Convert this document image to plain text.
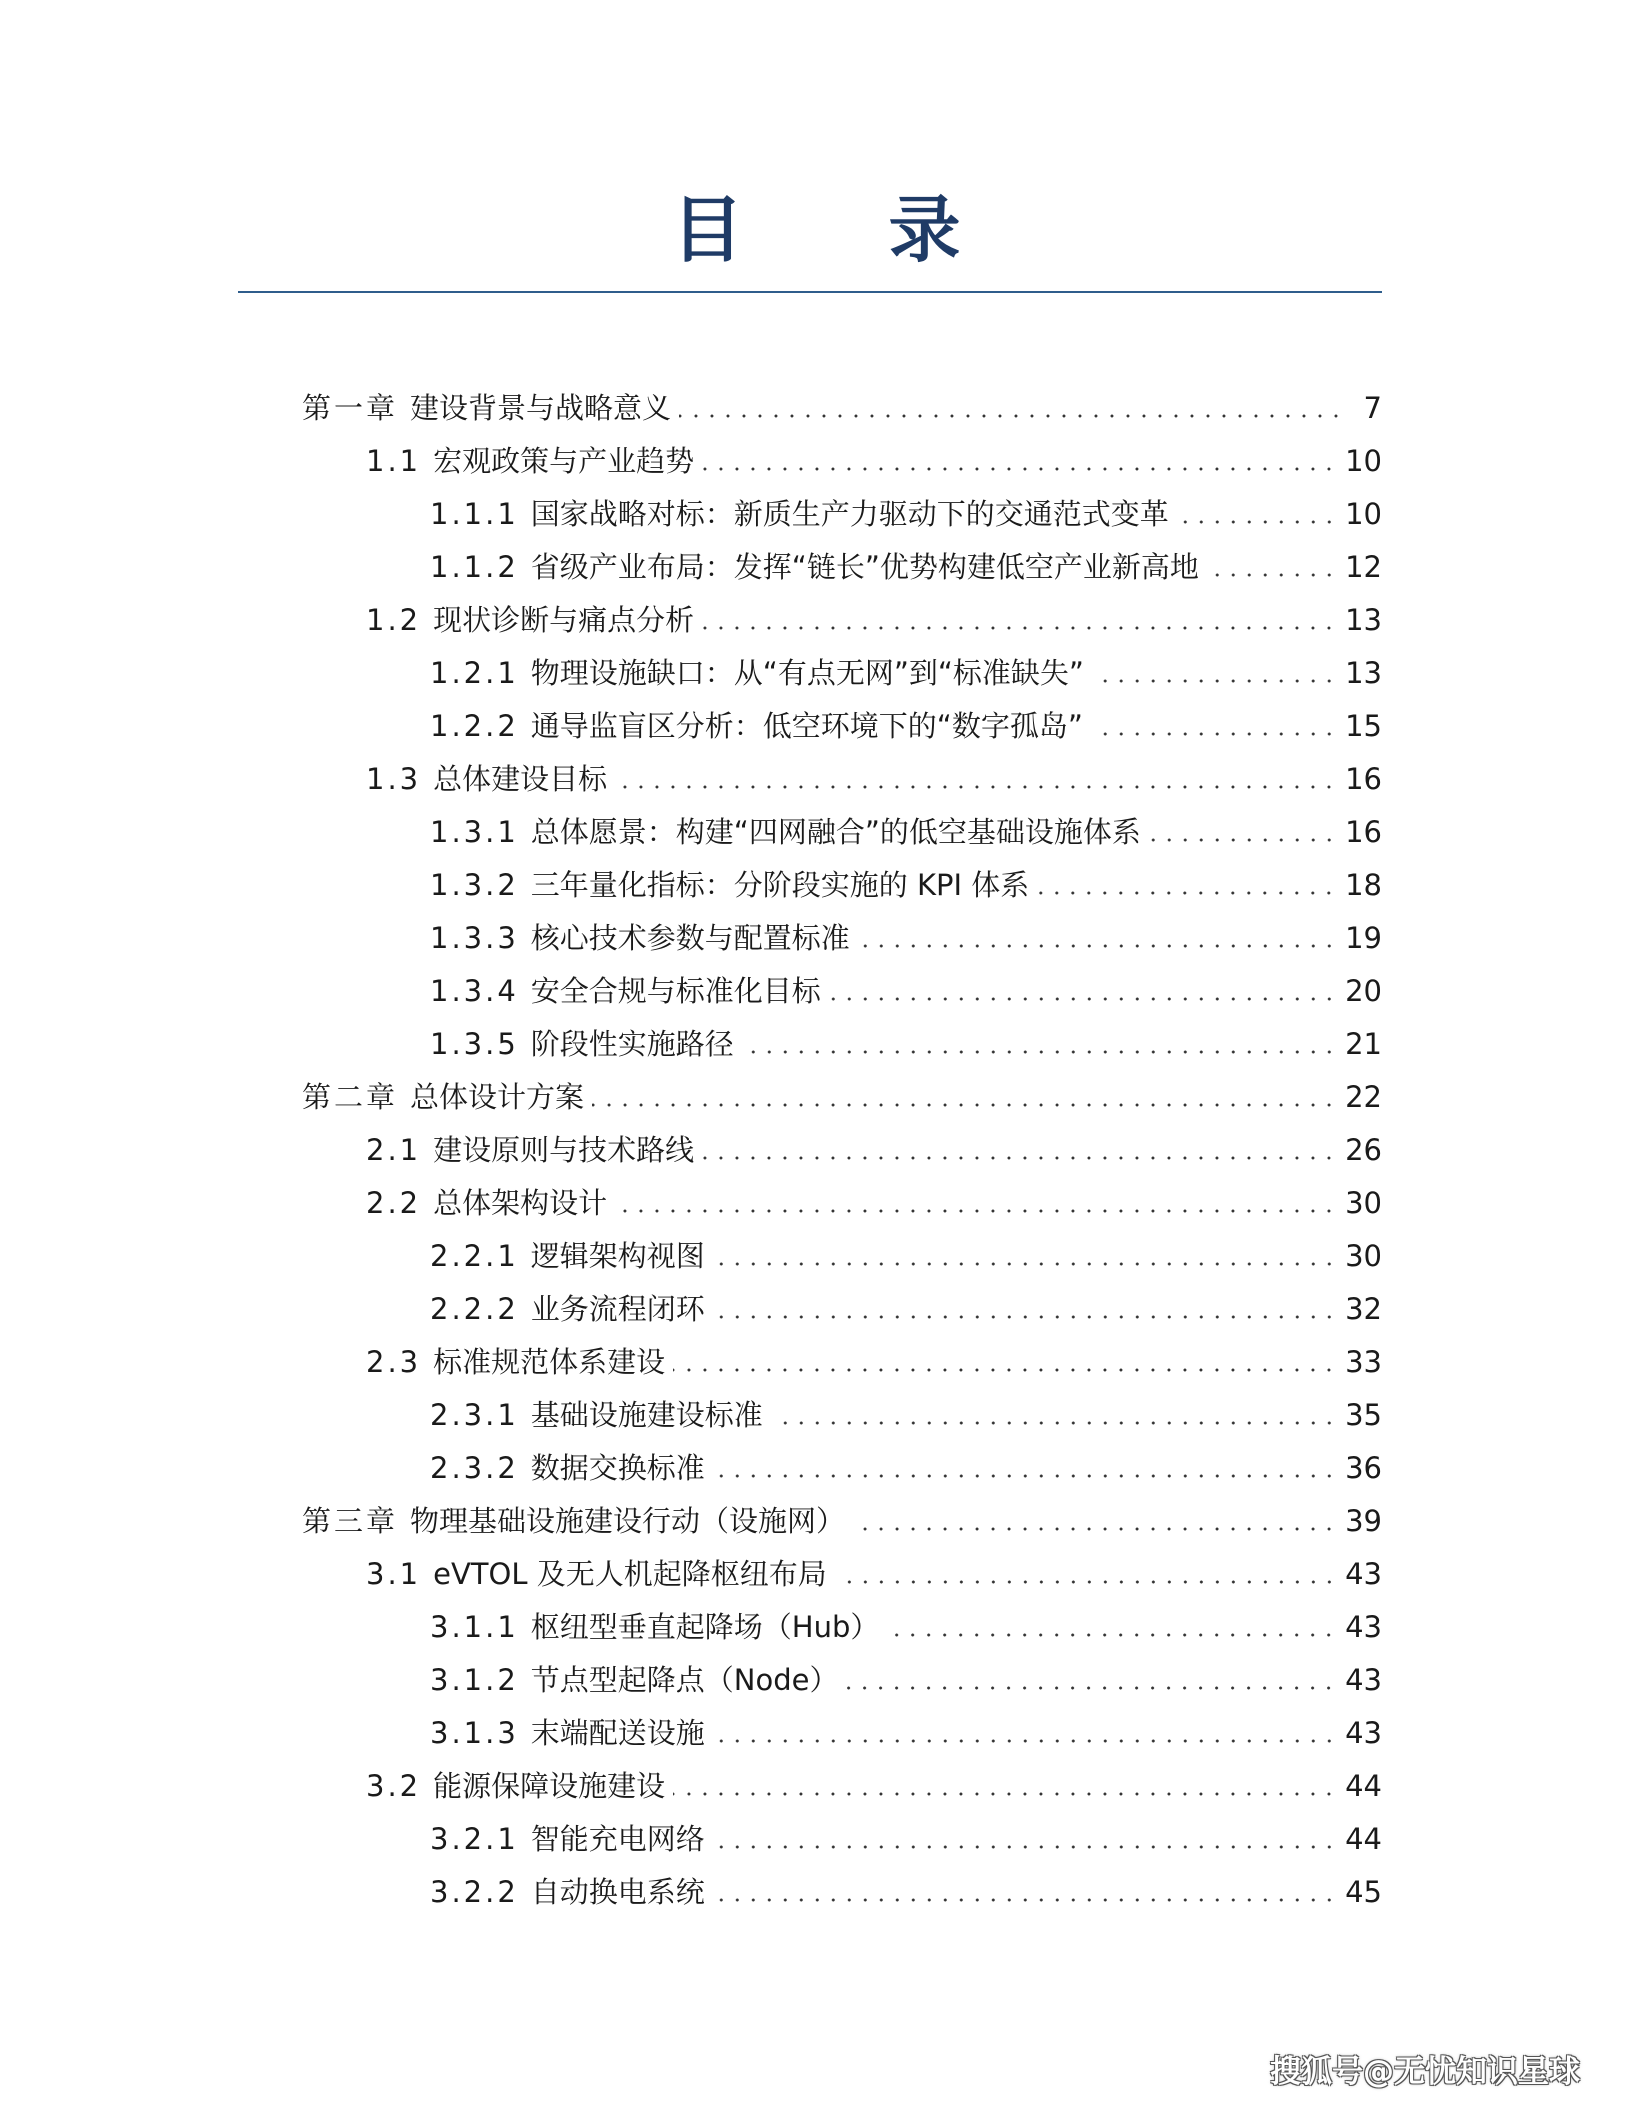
目 录
第一章 建设背景与战略意义	7
1.1 宏观政策与产业趋势	10
1.1.1 国家战略对标：新质生产力驱动下的交通范式变革	10
1.1.2 省级产业布局：发挥“链长”优势构建低空产业新高地	12
1.2 现状诊断与痛点分析	13
1.2.1 物理设施缺口：从“有点无网”到“标准缺失”	13
1.2.2 通导监盲区分析：低空环境下的“数字孤岛”	15
1.3 总体建设目标	16
1.3.1 总体愿景：构建“四网融合”的低空基础设施体系	16
1.3.2 三年量化指标：分阶段实施的 KPI 体系	18
1.3.3 核心技术参数与配置标准	19
1.3.4 安全合规与标准化目标	20
1.3.5 阶段性实施路径	21
第二章 总体设计方案	22
2.1 建设原则与技术路线	26
2.2 总体架构设计	30
2.2.1 逻辑架构视图	30
2.2.2 业务流程闭环	32
2.3 标准规范体系建设	33
2.3.1 基础设施建设标准	35
2.3.2 数据交换标准	36
第三章 物理基础设施建设行动（设施网）	39
3.1 eVTOL 及无人机起降枢纽布局	43
3.1.1 枢纽型垂直起降场（Hub）	43
3.1.2 节点型起降点（Node）	43
3.1.3 末端配送设施	43
3.2 能源保障设施建设	44
3.2.1 智能充电网络	44
3.2.2 自动换电系统	45
搜狐号@无忧知识星球
